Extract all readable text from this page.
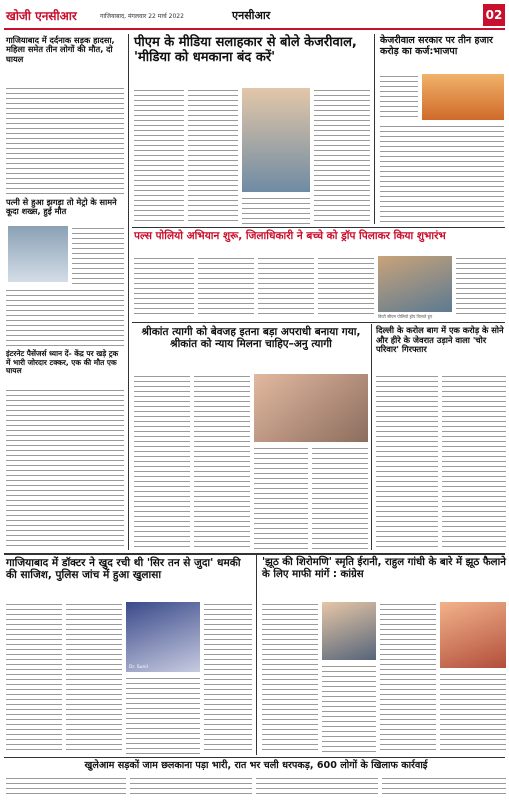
खोजी एनसीआर	गाजियाबाद, मंगलवार 22 मार्च 2022	एनसीआर	02
गाजियाबाद में दर्दनाक सड़क हादसा, महिला समेत तीन लोगों की मौत, दो घायल
पत्नी से हुआ झगड़ा तो मेट्रो के सामने कूदा शख्स, हुई मौत
इंटरनेट पैसेंजर्स ध्यान दें- केंद्र पर खड़े ट्रक में भारी जोरदार टक्कर, एक की मौत एक घायल
पीएम के मीडिया सलाहकार से बोले केजरीवाल, 'मीडिया को धमकाना बंद करें'
केजरीवाल सरकार पर तीन हजार करोड़ का कर्ज:भाजपा
पल्स पोलियो अभियान शुरू, जिलाधिकारी ने बच्चे को ड्रॉप पिलाकर किया शुभारंभ
डिप्टी सीएम पोलियो ड्रॉप पिलाते हुए
श्रीकांत त्यागी को बेवजह इतना बड़ा अपराधी बनाया गया, श्रीकांत को न्याय मिलना चाहिए–अनु त्यागी
दिल्ली के करोल बाग में एक करोड़ के सोने और हीरे के जेवरात उड़ाने वाला 'चोर परिवार' गिरफ्तार
गाजियाबाद में डॉक्टर ने खुद रची थी 'सिर तन से जुदा' धमकी की साजिश, पुलिस जांच में हुआ खुलासा
Dr. Sunil
'झूठ की शिरोमणि' स्मृति ईरानी, राहुल गांधी के बारे में झूठ फैलाने के लिए माफी मांगें : कांग्रेस
खुलेआम सड़कों जाम छलकाना पड़ा भारी, रात भर चली धरपकड़, 600 लोगों के खिलाफ कार्रवाई
